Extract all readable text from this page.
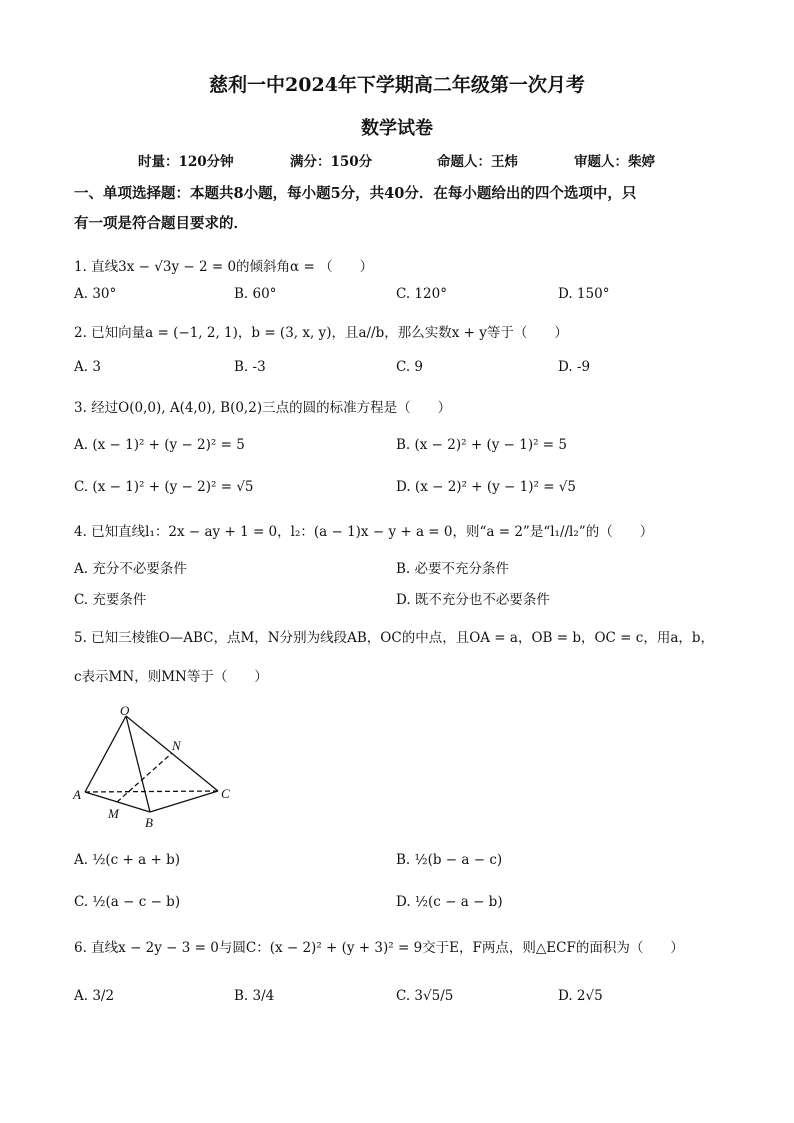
慈利一中2024年下学期高二年级第一次月考
数学试卷
时量：120分钟	满分：150分	命题人：王炜	审题人：柴婷
一、单项选择题：本题共8小题，每小题5分，共40分．在每小题给出的四个选项中，只
有一项是符合题目要求的．
1. 直线3x − √3y − 2 = 0的倾斜角α = （　　）
A. 30°	B. 60°	C. 120°	D. 150°
2. 已知向量a = (−1, 2, 1)，b = (3, x, y)，且a//b，那么实数x + y等于（　　）
A. 3	B. -3	C. 9	D. -9
3. 经过O(0,0), A(4,0), B(0,2)三点的圆的标准方程是（　　）
A. (x − 1)² + (y − 2)² = 5	B. (x − 2)² + (y − 1)² = 5
C. (x − 1)² + (y − 2)² = √5	D. (x − 2)² + (y − 1)² = √5
4. 已知直线l₁：2x − ay + 1 = 0，l₂：(a − 1)x − y + a = 0，则“a = 2”是“l₁//l₂”的（　　）
A. 充分不必要条件	B. 必要不充分条件
C. 充要条件	D. 既不充分也不必要条件
5. 已知三棱锥O—ABC，点M，N分别为线段AB，OC的中点，且OA = a，OB = b，OC = c，用a，b，
c表示MN，则MN等于（　　）
O
N
A	C
M
B
A. ½(c + a + b)	B. ½(b − a − c)
C. ½(a − c − b)	D. ½(c − a − b)
6. 直线x − 2y − 3 = 0与圆C：(x − 2)² + (y + 3)² = 9交于E，F两点，则△ECF的面积为（　　）
A. 3/2	B. 3/4	C. 3√5/5	D. 2√5
